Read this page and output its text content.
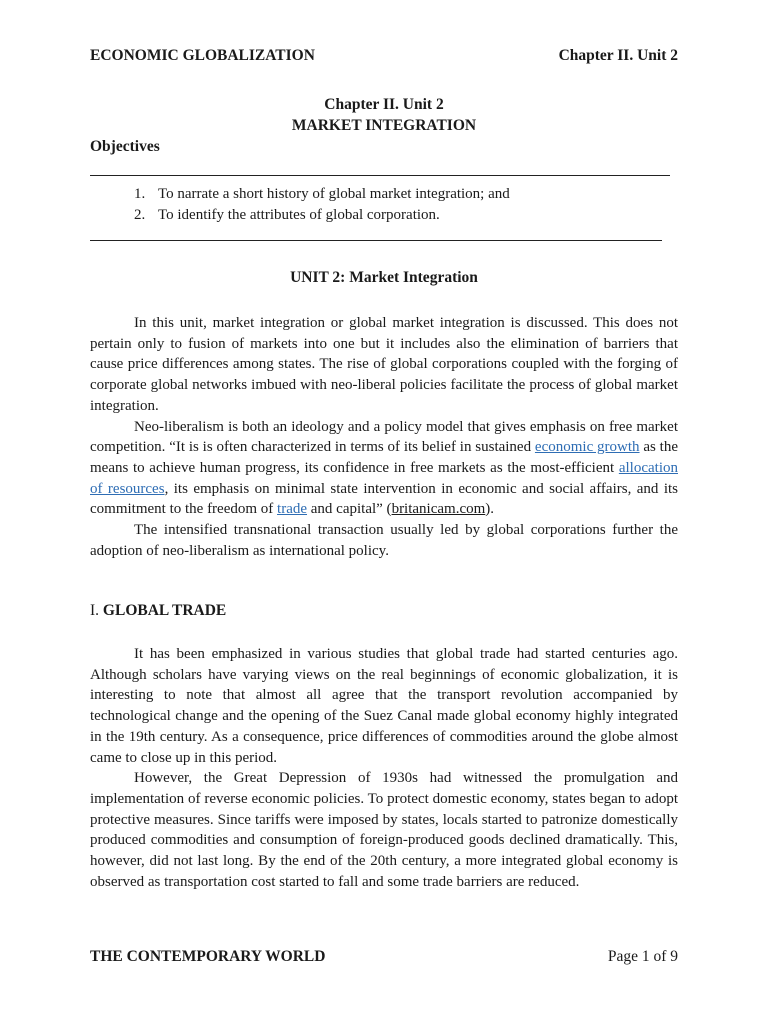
ECONOMIC GLOBALIZATION	Chapter II. Unit 2
Chapter II. Unit 2
MARKET INTEGRATION
Objectives
1. To narrate a short history of global market integration; and
2. To identify the attributes of global corporation.
UNIT 2: Market Integration

In this unit, market integration or global market integration is discussed. This does not pertain only to fusion of markets into one but it includes also the elimination of barriers that cause price differences among states. The rise of global corporations coupled with the forging of corporate global networks imbued with neo-liberal policies facilitate the process of global market integration.

Neo-liberalism is both an ideology and a policy model that gives emphasis on free market competition. “It is is often characterized in terms of its belief in sustained economic growth as the means to achieve human progress, its confidence in free markets as the most-efficient allocation of resources, its emphasis on minimal state intervention in economic and social affairs, and its commitment to the freedom of trade and capital” (britanicam.com).

The intensified transnational transaction usually led by global corporations further the adoption of neo-liberalism as international policy.

I. GLOBAL TRADE

It has been emphasized in various studies that global trade had started centuries ago. Although scholars have varying views on the real beginnings of economic globalization, it is interesting to note that almost all agree that the transport revolution accompanied by technological change and the opening of the Suez Canal made global economy highly integrated in the 19th century. As a consequence, price differences of commodities around the globe almost came to close up in this period.

However, the Great Depression of 1930s had witnessed the promulgation and implementation of reverse economic policies. To protect domestic economy, states began to adopt protective measures. Since tariffs were imposed by states, locals started to patronize domestically produced commodities and consumption of foreign-produced goods declined dramatically. This, however, did not last long. By the end of the 20th century, a more integrated global economy is observed as transportation cost started to fall and some trade barriers are reduced.

THE CONTEMPORARY WORLD	Page 1 of 9
